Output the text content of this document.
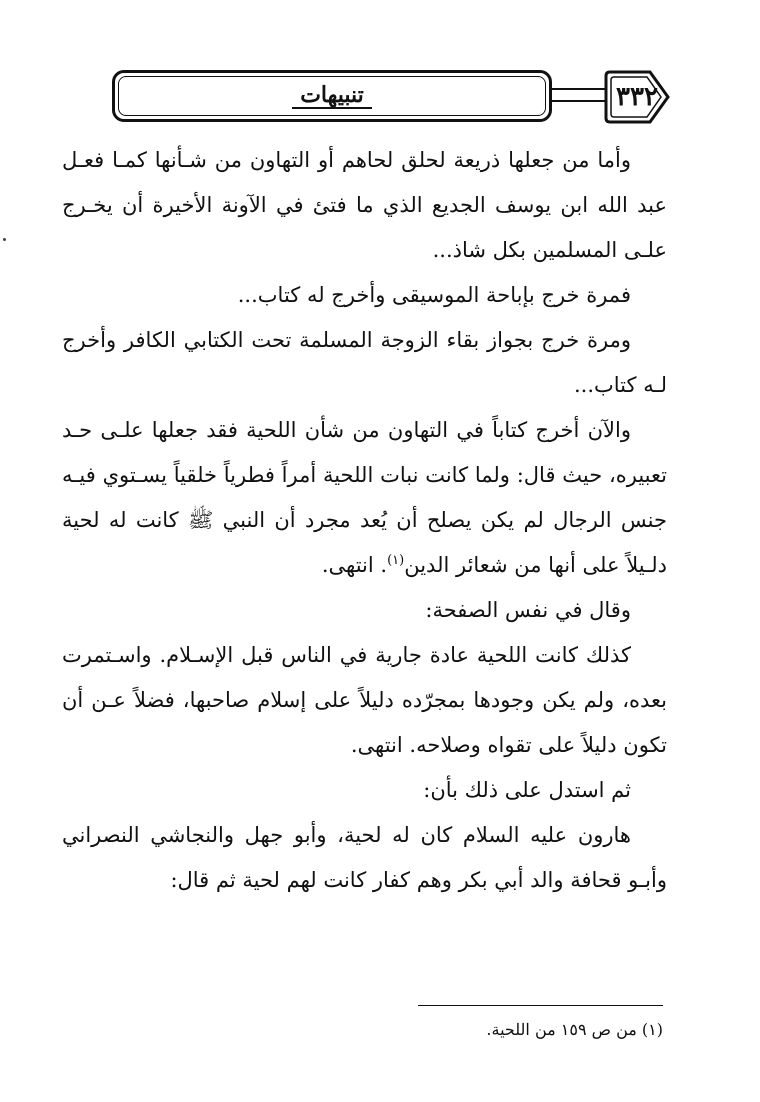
تنبيهات	٣٣٢

وأما من جعلها ذريعة لحلق لحاهم أو التهاون من شـأنها كمـا فعـل عبد الله ابن يوسف الجديع الذي ما فتئ في الآونة الأخيرة أن يخـرج علـى المسلمين بكل شاذ...

فمرة خرج بإباحة الموسيقى وأخرج له كتاب...

ومرة خرج بجواز بقاء الزوجة المسلمة تحت الكتابي الكافر وأخرج لـه كتاب...

والآن أخرج كتاباً في التهاون من شأن اللحية فقد جعلها علـى حـد تعبيره، حيث قال: ولما كانت نبات اللحية أمراً فطرياً خلقياً يسـتوي فيـه جنس الرجال لم يكن يصلح أن يُعد مجرد أن النبي ﷺ كانت له لحية دلـيلاً على أنها من شعائر الدين$^{(١)}$. انتهى.

وقال في نفس الصفحة:

كذلك كانت اللحية عادة جارية في الناس قبل الإسـلام. واسـتمرت بعده، ولم يكن وجودها بمجرّده دليلاً على إسلام صاحبها، فضلاً عـن أن تكون دليلاً على تقواه وصلاحه. انتهى.

ثم استدل على ذلك بأن:

هارون عليه السلام كان له لحية، وأبو جهل والنجاشي النصراني وأبـو قحافة والد أبي بكر وهم كفار كانت لهم لحية ثم قال:

(١) من ص ١٥٩ من اللحية.
